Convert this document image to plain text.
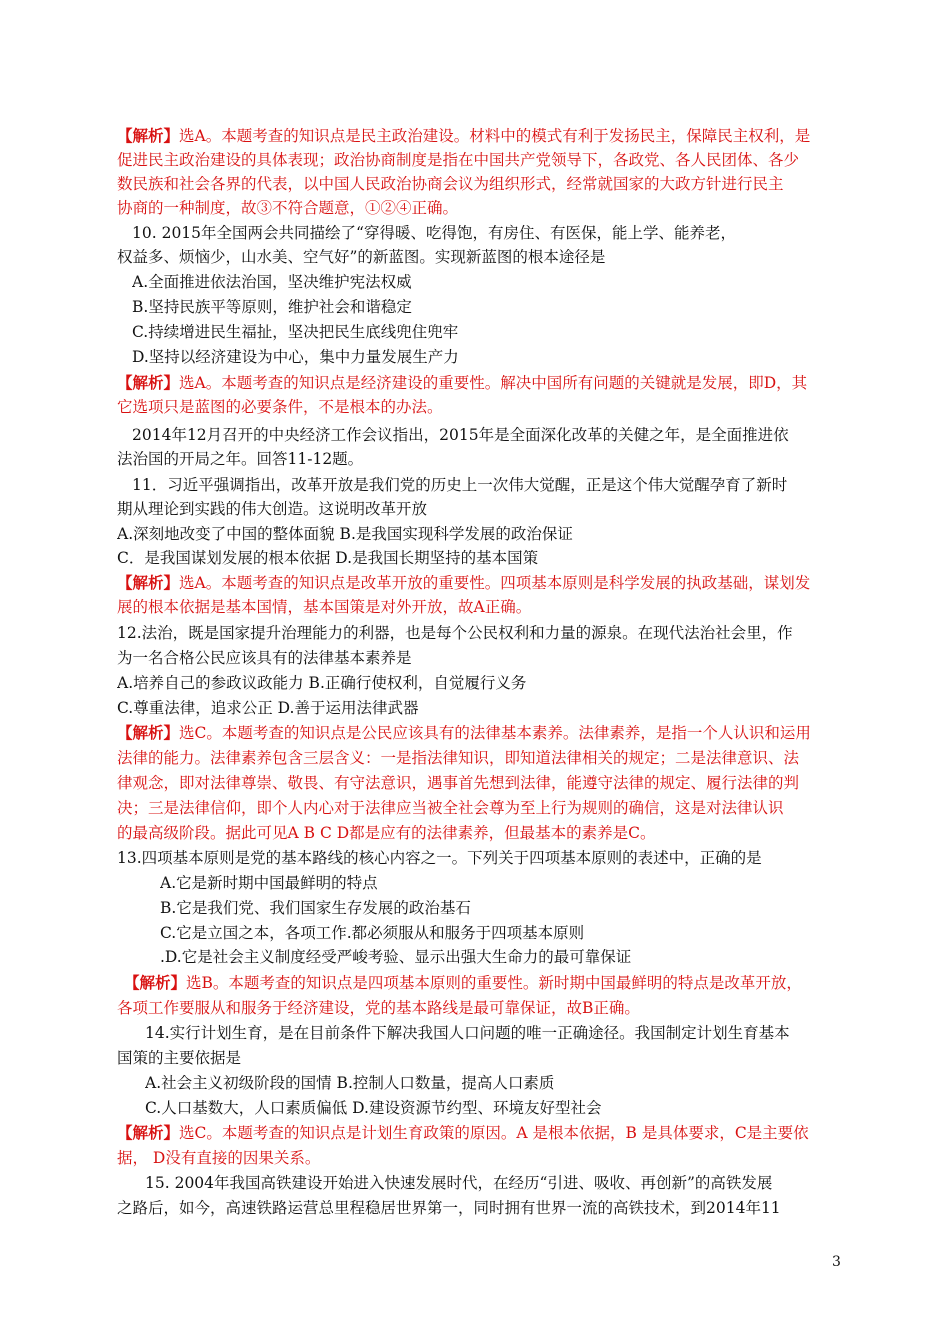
【解析】选A。本题考查的知识点是民主政治建设。材料中的模式有利于发扬民主，保障民主权利，是
促进民主政治建设的具体表现；政治协商制度是指在中国共产党领导下，各政党、各人民团体、各少
数民族和社会各界的代表，以中国人民政治协商会议为组织形式，经常就国家的大政方针进行民主
协商的一种制度，故③不符合题意，①②④正确。
10. 2015年全国两会共同描绘了“穿得暖、吃得饱，有房住、有医保，能上学、能养老，
权益多、烦恼少，山水美、空气好”的新蓝图。实现新蓝图的根本途径是
A.全面推进依法治国，坚决维护宪法权威
B.坚持民族平等原则，维护社会和谐稳定
C.持续增进民生福扯，坚决把民生底线兜住兜牢
D.坚持以经济建设为中心，集中力量发展生产力
【解析】选A。本题考查的知识点是经济建设的重要性。解决中国所有问题的关键就是发展，即D，其
它选项只是蓝图的必要条件，不是根本的办法。
2014年12月召开的中央经济工作会议指出，2015年是全面深化改革的关健之年，是全面推进依
法治国的开局之年。回答11-12题。
11．习近平强调指出，改革开放是我们党的历史上一次伟大觉醒，正是这个伟大觉醒孕育了新时
期从理论到实践的伟大创造。这说明改革开放
A.深刻地改变了中国的整体面貌 B.是我国实现科学发展的政治保证
C．是我国谋划发展的根本依据 D.是我国长期坚持的基本国策
【解析】选A。本题考查的知识点是改革开放的重要性。四项基本原则是科学发展的执政基础，谋划发
展的根本依据是基本国情，基本国策是对外开放，故A正确。
12.法治，既是国家提升治理能力的利器，也是每个公民权利和力量的源泉。在现代法治社会里，作
为一名合格公民应该具有的法律基本素养是
A.培养自己的参政议政能力 B.正确行使权利，自觉履行义务
C.尊重法律，追求公正 D.善于运用法律武器
【解析】选C。本题考查的知识点是公民应该具有的法律基本素养。法律素养，是指一个人认识和运用
法律的能力。法律素养包含三层含义：一是指法律知识，即知道法律相关的规定；二是法律意识、法
律观念，即对法律尊崇、敬畏、有守法意识，遇事首先想到法律，能遵守法律的规定、履行法律的判
决；三是法律信仰，即个人内心对于法律应当被全社会尊为至上行为规则的确信，这是对法律认识
的最高级阶段。据此可见A B C D都是应有的法律素养，但最基本的素养是C。
13.四项基本原则是党的基本路线的核心内容之一。下列关于四项基本原则的表述中，正确的是
A.它是新时期中国最鲜明的特点
B.它是我们党、我们国家生存发展的政治基石
C.它是立国之本，各项工作.都必须服从和服务于四项基本原则
.D.它是社会主义制度经受严峻考验、显示出强大生命力的最可靠保证
【解析】选B。本题考查的知识点是四项基本原则的重要性。新时期中国最鲜明的特点是改革开放，
各项工作要服从和服务于经济建设，党的基本路线是最可靠保证，故B正确。
14.实行计划生育，是在目前条件下解决我国人口问题的唯一正确途径。我国制定计划生育基本
国策的主要依据是
A.社会主义初级阶段的国情 B.控制人口数量，提高人口素质
C.人口基数大，人口素质偏低 D.建设资源节约型、环境友好型社会
【解析】选C。本题考查的知识点是计划生育政策的原因。A 是根本依据，B 是具体要求，C是主要依
据， D没有直接的因果关系。
15. 2004年我国高铁建设开始进入快速发展时代，在经历“引进、吸收、再创新”的高铁发展
之路后，如今，高速铁路运营总里程稳居世界第一，同时拥有世界一流的高铁技术，到2014年11
3
